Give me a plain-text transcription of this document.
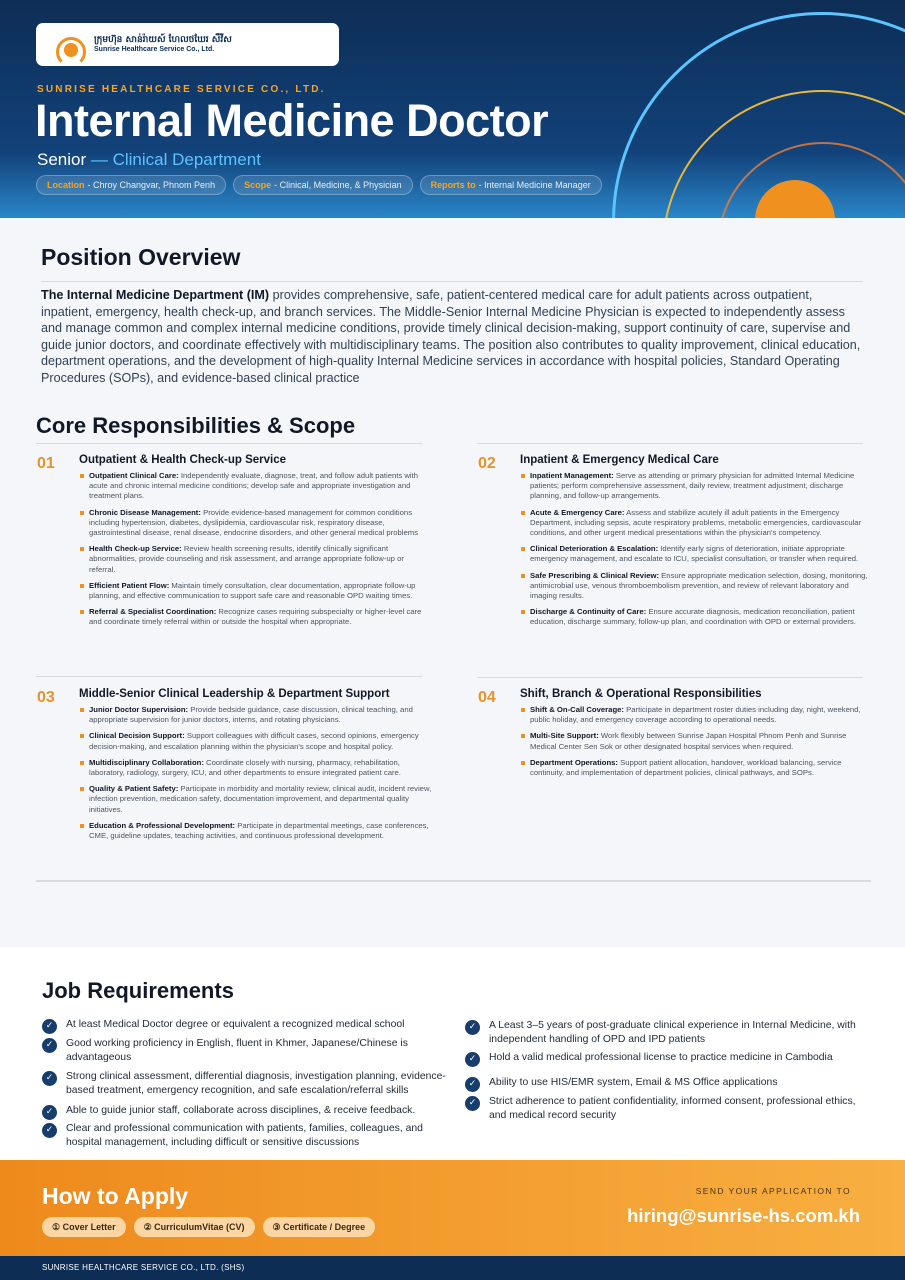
ក្រុមហ៊ុន សាន់រ៉ាយស៍ ហែលថឃែរ សឺវីស
Sunrise Healthcare Service Co., Ltd.
SUNRISE HEALTHCARE SERVICE CO., LTD.
Internal Medicine Doctor
Senior — Clinical Department
Location - Chroy Changvar, Phnom Penh	Scope - Clinical, Medicine, & Physician	Reports to - Internal Medicine Manager
Position Overview
The Internal Medicine Department (IM) provides comprehensive, safe, patient-centered medical care for adult patients across outpatient, inpatient, emergency, health check-up, and branch services. The Middle-Senior Internal Medicine Physician is expected to independently assess and manage common and complex internal medicine conditions, provide timely clinical decision-making, support continuity of care, supervise and guide junior doctors, and coordinate effectively with multidisciplinary teams. The position also contributes to quality improvement, clinical education, department operations, and the development of high-quality Internal Medicine services in accordance with hospital policies, Standard Operating Procedures (SOPs), and evidence-based clinical practice
Core Responsibilities & Scope
01 Outpatient & Health Check-up Service
Outpatient Clinical Care: Independently evaluate, diagnose, treat, and follow adult patients with acute and chronic internal medicine conditions; develop safe and appropriate investigation and treatment plans.
Chronic Disease Management: Provide evidence-based management for common conditions including hypertension, diabetes, dyslipidemia, cardiovascular risk, respiratory disease, gastrointestinal disease, renal disease, endocrine disorders, and other general medical problems
Health Check-up Service: Review health screening results, identify clinically significant abnormalities, provide counseling and risk assessment, and arrange appropriate follow-up or referral.
Efficient Patient Flow: Maintain timely consultation, clear documentation, appropriate follow-up planning, and effective communication to support safe care and reasonable OPD waiting times.
Referral & Specialist Coordination: Recognize cases requiring subspecialty or higher-level care and coordinate timely referral within or outside the hospital when appropriate.
02 Inpatient & Emergency Medical Care
Inpatient Management: Serve as attending or primary physician for admitted Internal Medicine patients; perform comprehensive assessment, daily review, treatment adjustment, discharge planning, and follow-up arrangements.
Acute & Emergency Care: Assess and stabilize acutely ill adult patients in the Emergency Department, including sepsis, acute respiratory problems, metabolic emergencies, cardiovascular conditions, and other urgent medical presentations within the physician's competency.
Clinical Deterioration & Escalation: Identify early signs of deterioration, initiate appropriate emergency management, and escalate to ICU, specialist consultation, or transfer when required.
Safe Prescribing & Clinical Review: Ensure appropriate medication selection, dosing, monitoring, antimicrobial use, venous thromboembolism prevention, and review of relevant laboratory and imaging results.
Discharge & Continuity of Care: Ensure accurate diagnosis, medication reconciliation, patient education, discharge summary, follow-up plan, and coordination with OPD or external providers.
03 Middle-Senior Clinical Leadership & Department Support
Junior Doctor Supervision: Provide bedside guidance, case discussion, clinical teaching, and appropriate supervision for junior doctors, interns, and rotating physicians.
Clinical Decision Support: Support colleagues with difficult cases, second opinions, emergency decision-making, and escalation planning within the physician's scope and hospital policy.
Multidisciplinary Collaboration: Coordinate closely with nursing, pharmacy, rehabilitation, laboratory, radiology, surgery, ICU, and other departments to ensure integrated patient care.
Quality & Patient Safety: Participate in morbidity and mortality review, clinical audit, incident review, infection prevention, medication safety, documentation improvement, and departmental quality initiatives.
Education & Professional Development: Participate in departmental meetings, case conferences, CME, guideline updates, teaching activities, and continuous professional development.
04 Shift, Branch & Operational Responsibilities
Shift & On-Call Coverage: Participate in department roster duties including day, night, weekend, public holiday, and emergency coverage according to operational needs.
Multi-Site Support: Work flexibly between Sunrise Japan Hospital Phnom Penh and Sunrise Medical Center Sen Sok or other designated hospital services when required.
Department Operations: Support patient allocation, handover, workload balancing, service continuity, and implementation of department policies, clinical pathways, and SOPs.
Job Requirements
✓	At least Medical Doctor degree or equivalent a recognized medical school
✓	Good working proficiency in English, fluent in Khmer, Japanese/Chinese is advantageous
✓	Strong clinical assessment, differential diagnosis, investigation planning, evidence-based treatment, emergency recognition, and safe escalation/referral skills
✓	Able to guide junior staff, collaborate across disciplines, & receive feedback.
✓	Clear and professional communication with patients, families, colleagues, and hospital management, including difficult or sensitive discussions
✓	A Least 3–5 years of post-graduate clinical experience in Internal Medicine, with independent handling of OPD and IPD patients
✓	Hold a valid medical professional license to practice medicine in Cambodia
✓	Ability to use HIS/EMR system, Email & MS Office applications
✓	Strict adherence to patient confidentiality, informed consent, professional ethics, and medical record security
How to Apply
① Cover Letter	② CurriculumVitae (CV)	③ Certificate / Degree
SEND YOUR APPLICATION TO
hiring@sunrise-hs.com.kh
SUNRISE HEALTHCARE SERVICE CO., LTD. (SHS)
